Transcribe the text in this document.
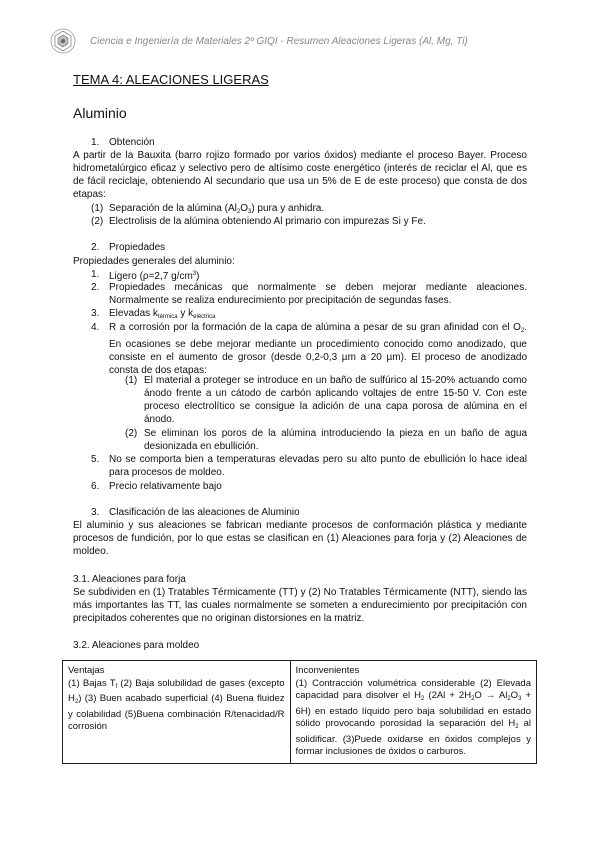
Ciencia e Ingeniería de Materiales 2º GIQI - Resumen Aleaciones Ligeras (Al, Mg, Ti)
TEMA 4: ALEACIONES LIGERAS
Aluminio
1. Obtención
A partir de la Bauxita (barro rojizo formado por varios óxidos) mediante el proceso Bayer. Proceso hidrometalúrgico eficaz y selectivo pero de altísimo coste energético (interés de reciclar el Al, que es de fácil reciclaje, obteniendo Al secundario que usa un 5% de E de este proceso) que consta de dos etapas:
(1) Separación de la alúmina $(Al_2O_3)$ pura y anhidra.
(2) Electrolisis de la alúmina obteniendo Al primario con impurezas Si y Fe.
2. Propiedades
Propiedades generales del aluminio:
1. Ligero (ρ=2,7 $g/cm^3$)
2. Propiedades mecánicas que normalmente se deben mejorar mediante aleaciones. Normalmente se realiza endurecimiento por precipitación de segundas fases.
3. Elevadas $k_{térmica}$ y $k_{eléctrica}$
4. R a corrosión por la formación de la capa de alúmina a pesar de su gran afinidad con el $O_2$. En ocasiones se debe mejorar mediante un procedimiento conocido como anodizado, que consiste en el aumento de grosor (desde 0,2-0,3 µm a 20 µm). El proceso de anodizado consta de dos etapas:
(1) El material a proteger se introduce en un baño de sulfúrico al 15-20% actuando como ánodo frente a un cátodo de carbón aplicando voltajes de entre 15-50 V. Con este proceso electrolítico se consigue la adición de una capa porosa de alúmina en el ánodo.
(2) Se eliminan los poros de la alúmina introduciendo la pieza en un baño de agua desionizada en ebullición.
5. No se comporta bien a temperaturas elevadas pero su alto punto de ebullición lo hace ideal para procesos de moldeo.
6. Precio relativamente bajo
3. Clasificación de las aleaciones de Aluminio
El aluminio y sus aleaciones se fabrican mediante procesos de conformación plástica y mediante procesos de fundición, por lo que estas se clasifican en (1) Aleaciones para forja y (2) Aleaciones de moldeo.
3.1. Aleaciones para forja
Se subdividen en (1) Tratables Térmicamente (TT) y (2) No Tratables Térmicamente (NTT), siendo las más importantes las TT, las cuales normalmente se someten a endurecimiento por precipitación con precipitados coherentes que no originan distorsiones en la matriz.
3.2. Aleaciones para moldeo
Ventajas
(1) Bajas $T_f$ (2) Baja solubilidad de gases (excepto $H_2$) (3) Buen acabado superficial (4) Buena fluidez y colabilidad (5)Buena combinación R/tenacidad/R corrosión

Inconvenientes
(1) Contracción volumétrica considerable (2) Elevada capacidad para disolver el $H_2$ $(2Al + 2H_2O \to Al_2O_3 + 6H)$ en estado líquido pero baja solubilidad en estado sólido provocando porosidad la separación del $H_2$ al solidificar. (3)Puede oxidarse en óxidos complejos y formar inclusiones de óxidos o carburos.
